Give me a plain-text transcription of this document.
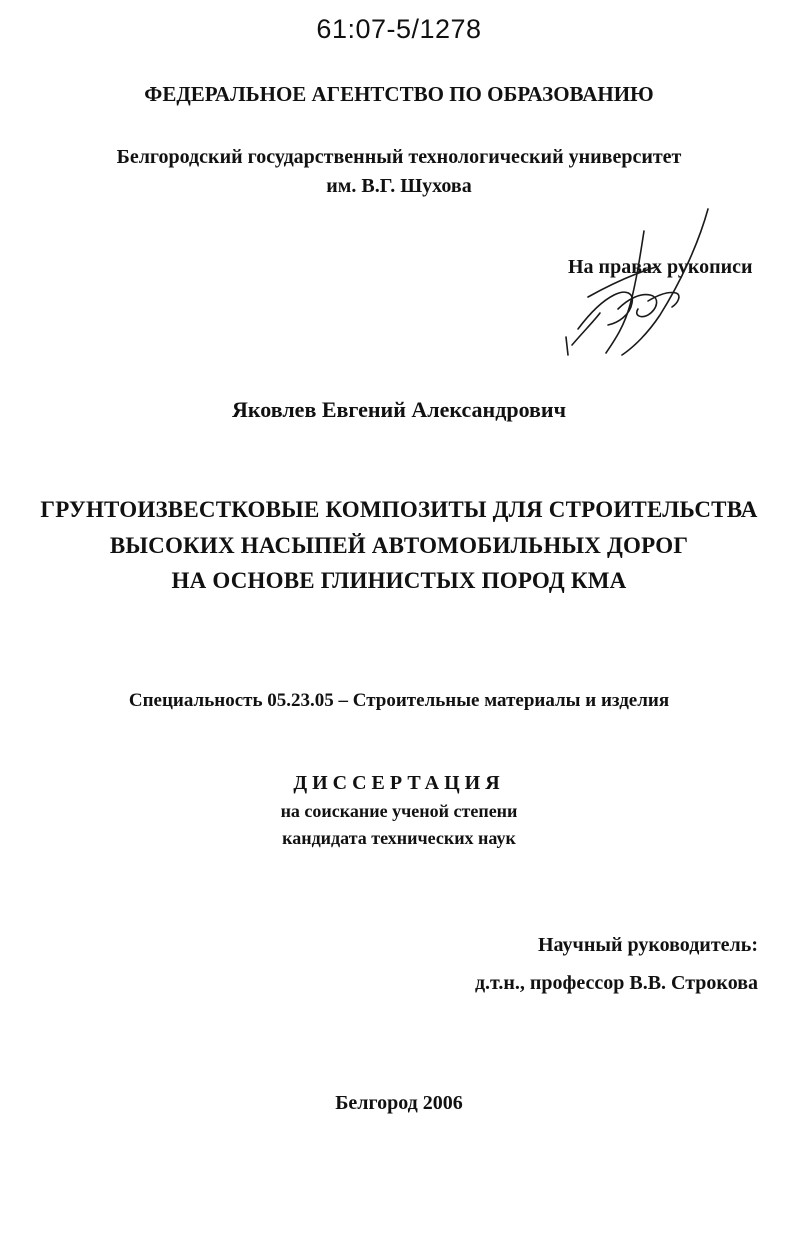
61:07-5/1278
ФЕДЕРАЛЬНОЕ АГЕНТСТВО ПО ОБРАЗОВАНИЮ
Белгородский государственный технологический университет
им. В.Г. Шухова
На правах рукописи
Яковлев Евгений Александрович
ГРУНТОИЗВЕСТКОВЫЕ КОМПОЗИТЫ ДЛЯ СТРОИТЕЛЬСТВА
ВЫСОКИХ НАСЫПЕЙ АВТОМОБИЛЬНЫХ ДОРОГ
НА ОСНОВЕ ГЛИНИСТЫХ ПОРОД КМА
Специальность 05.23.05 – Строительные материалы и изделия
ДИССЕРТАЦИЯ
на соискание ученой степени
кандидата технических наук
Научный руководитель:
д.т.н., профессор В.В. Строкова
Белгород 2006
